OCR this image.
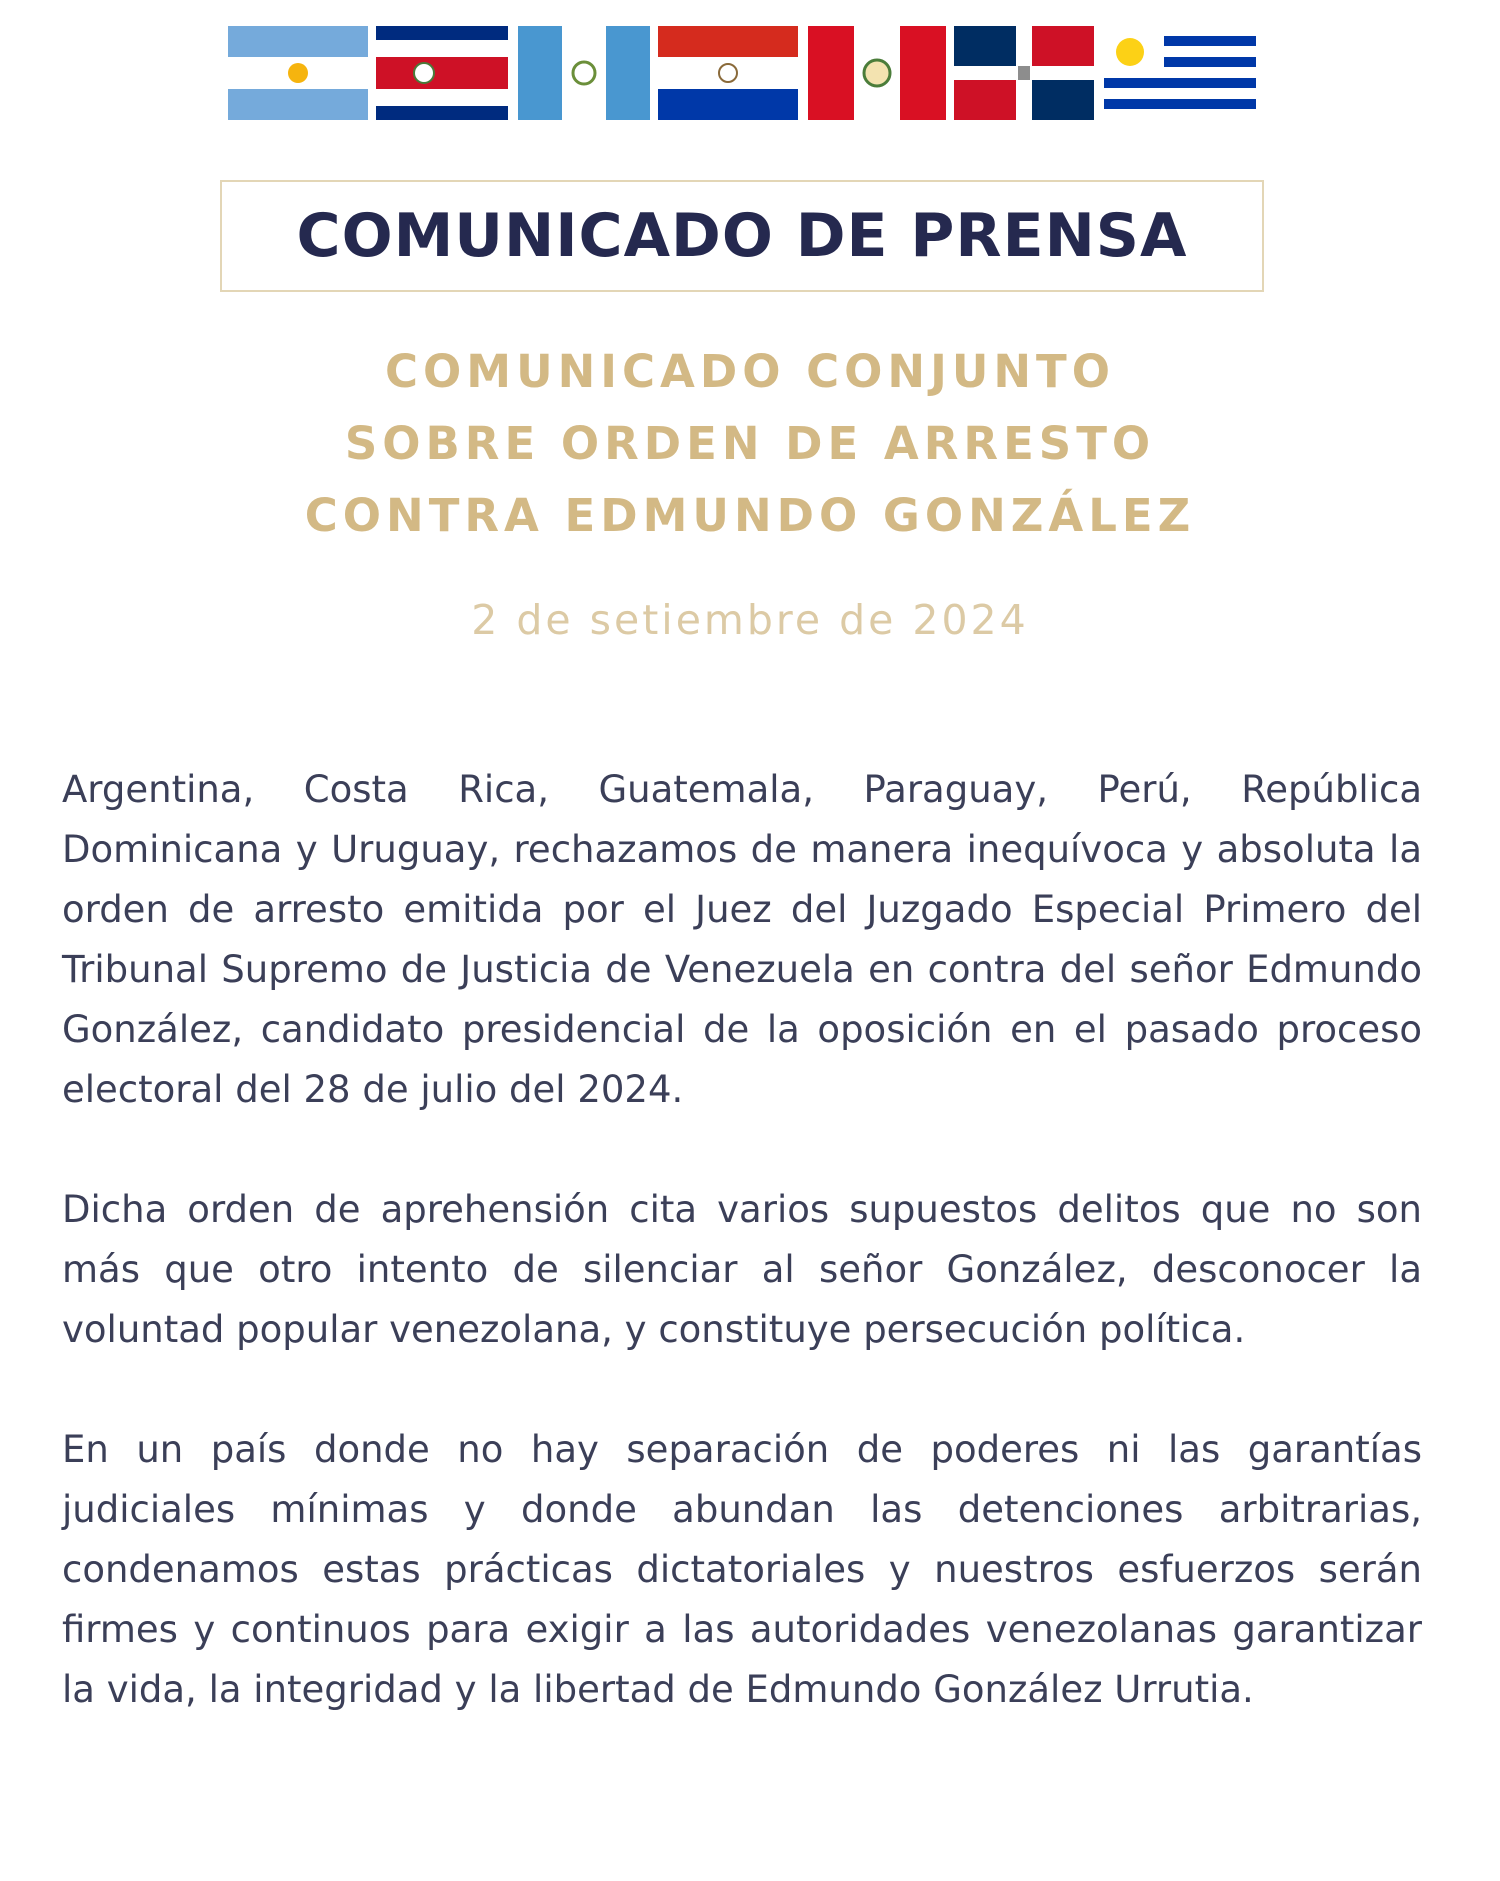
COMUNICADO DE PRENSA
COMUNICADO CONJUNTO
SOBRE ORDEN DE ARRESTO
CONTRA EDMUNDO GONZÁLEZ
2 de setiembre de 2024

Argentina, Costa Rica, Guatemala, Paraguay, Perú, República Dominicana y Uruguay, rechazamos de manera inequívoca y absoluta la orden de arresto emitida por el Juez del Juzgado Especial Primero del Tribunal Supremo de Justicia de Venezuela en contra del señor Edmundo González, candidato presidencial de la oposición en el pasado proceso electoral del 28 de julio del 2024.

Dicha orden de aprehensión cita varios supuestos delitos que no son más que otro intento de silenciar al señor González, desconocer la voluntad popular venezolana, y constituye persecución política.

En un país donde no hay separación de poderes ni las garantías judiciales mínimas y donde abundan las detenciones arbitrarias, condenamos estas prácticas dictatoriales y nuestros esfuerzos serán firmes y continuos para exigir a las autoridades venezolanas garantizar la vida, la integridad y la libertad de Edmundo González Urrutia.
